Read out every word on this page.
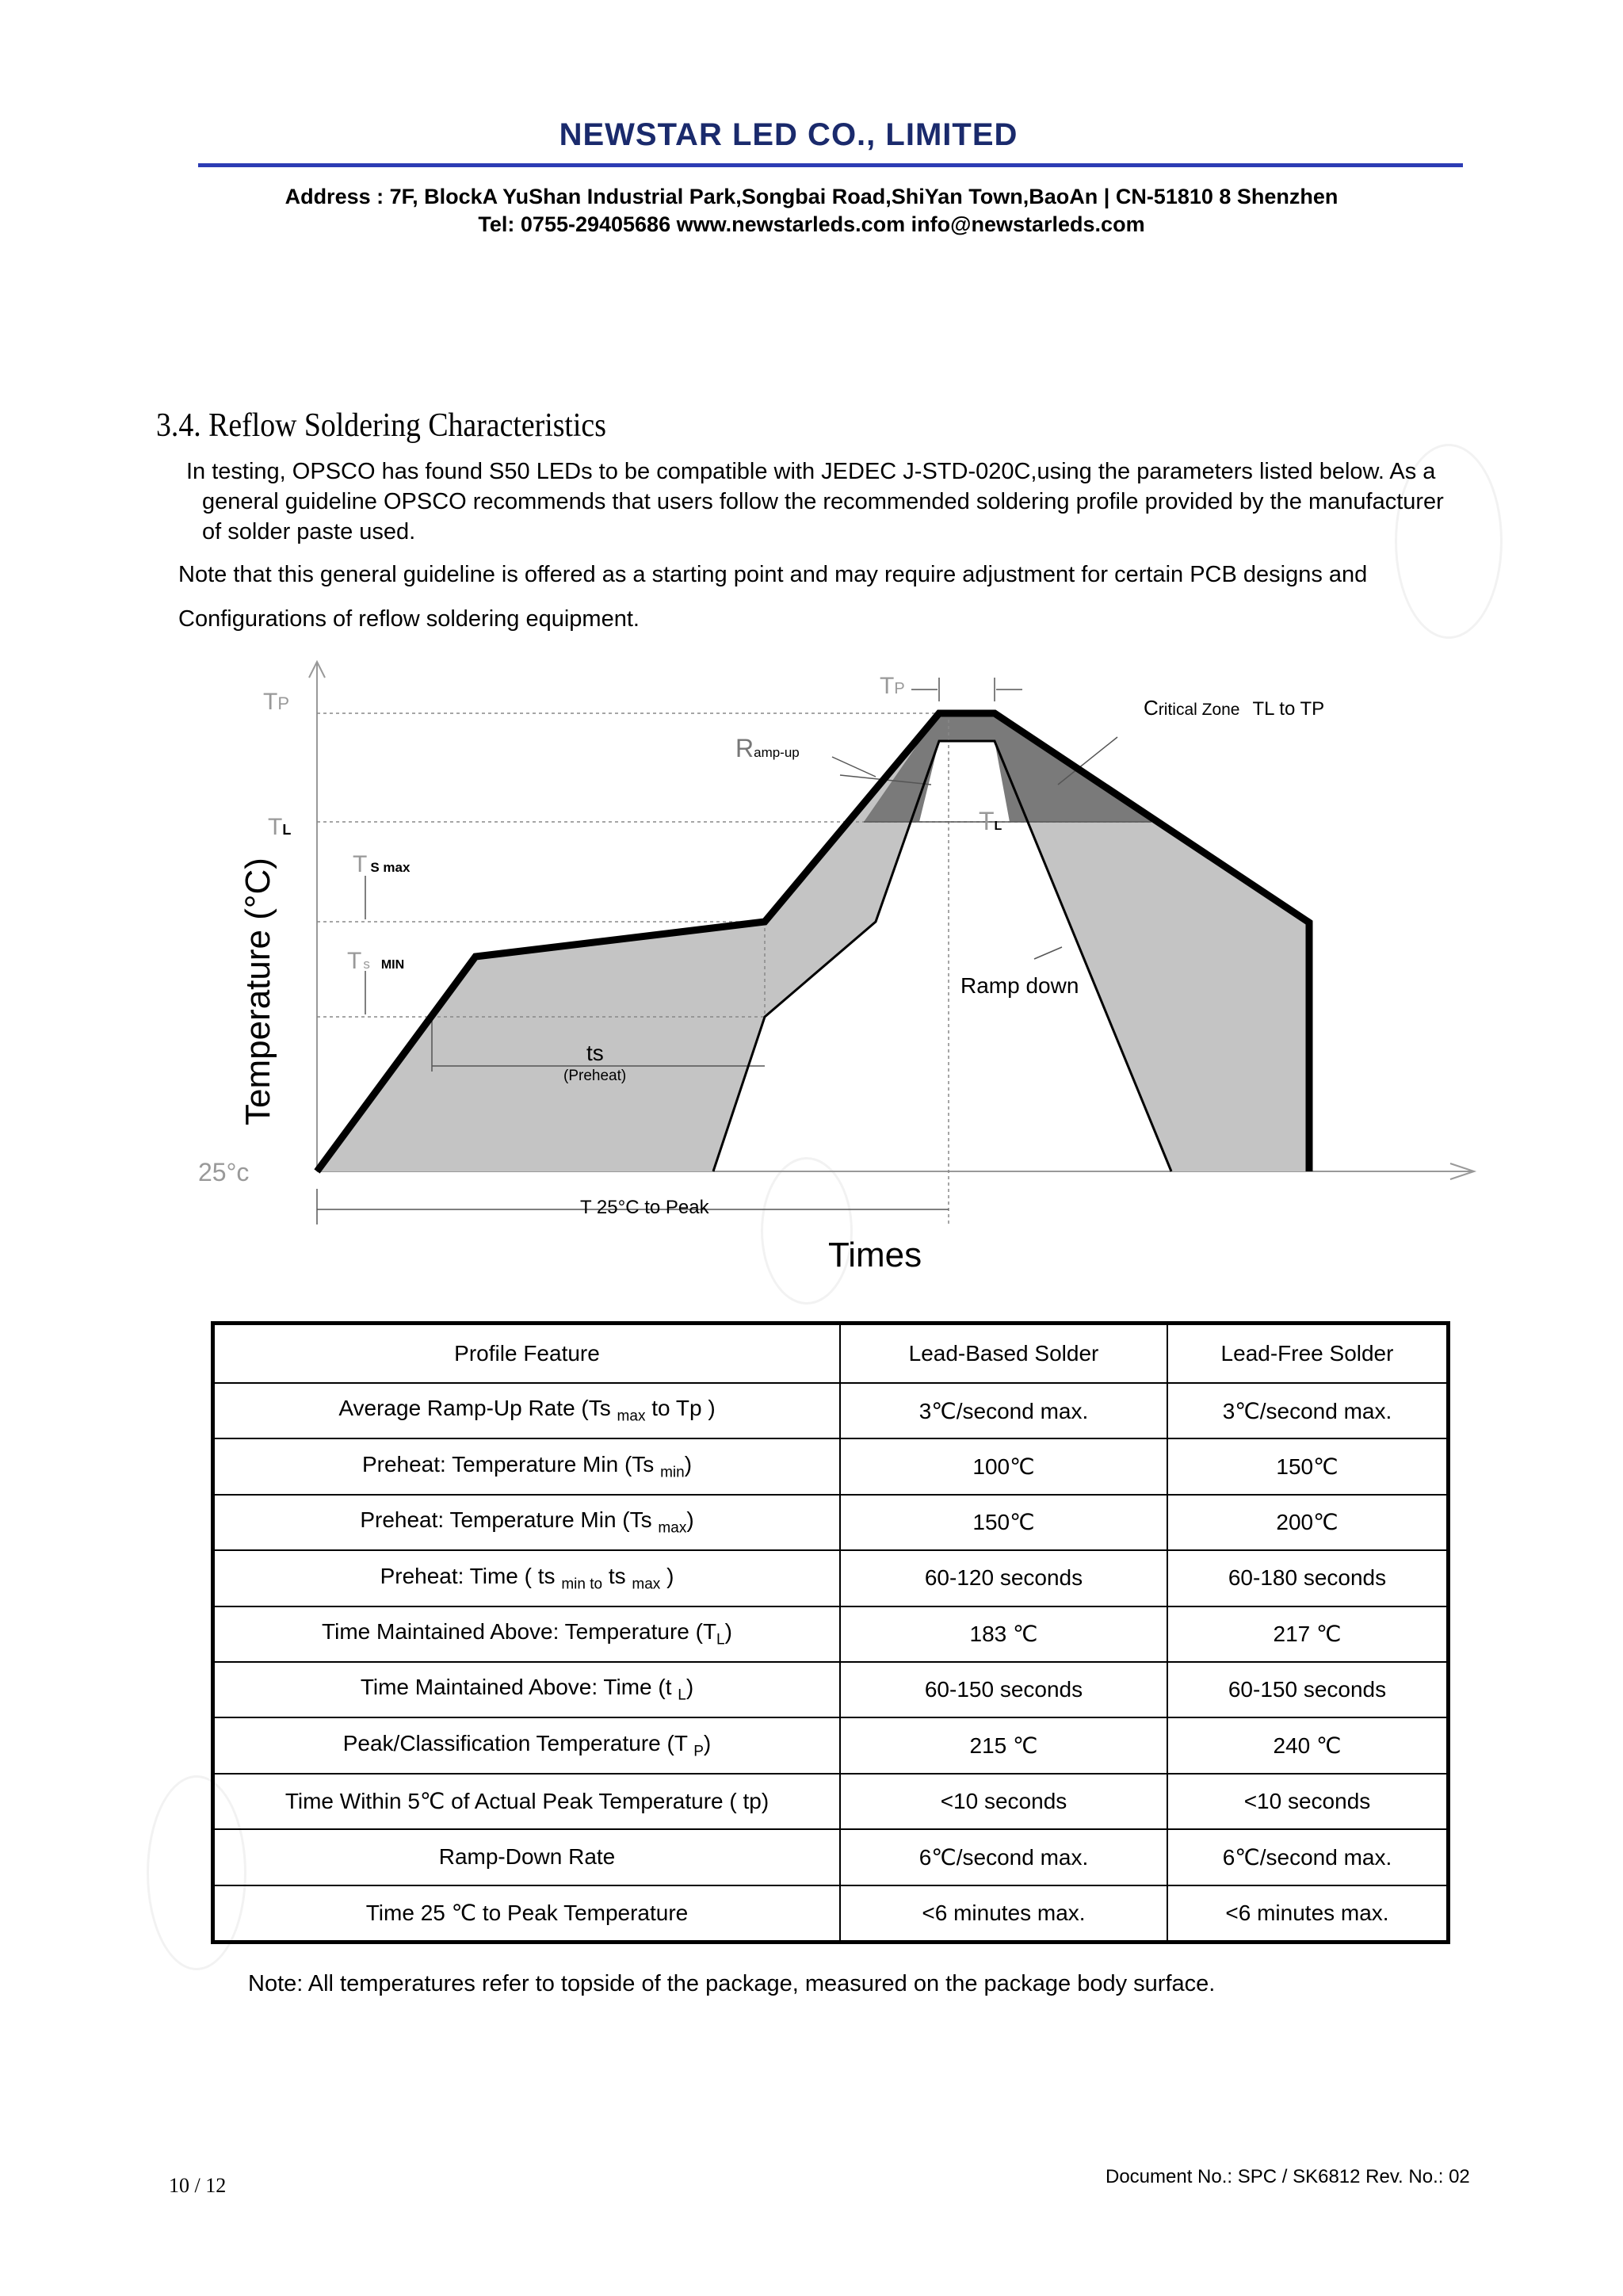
NEWSTAR LED CO., LIMITED
Address : 7F, BlockA YuShan Industrial Park,Songbai Road,ShiYan Town,BaoAn | CN-51810 8 Shenzhen
Tel: 0755-29405686 www.newstarleds.com info@newstarleds.com
3.4. Reflow Soldering Characteristics
In testing, OPSCO has found S50 LEDs to be compatible with JEDEC J-STD-020C,using the parameters listed below. As a
general guideline OPSCO recommends that users follow the recommended soldering profile provided by the manufacturer
of solder paste used.
Note that this general guideline is offered as a starting point and may require adjustment for certain PCB designs and
Configurations of reflow soldering equipment.
Temperature (°C)
Times
TP
TL
T S max
Ts MIN
25°c
TP
TL
Ramp-up
Critical Zone TL to TP
Ramp down
ts
(Preheat)
T 25°C to Peak
Profile Feature	Lead-Based Solder	Lead-Free Solder
Average Ramp-Up Rate (Ts $_{max}$ to Tp )	3℃/second max.	3℃/second max.
Preheat: Temperature Min (Ts $_{min}$)	100℃	150℃
Preheat: Temperature Min (Ts $_{max}$)	150℃	200℃
Preheat: Time ( ts $_{min to}$ ts $_{max}$ )	60-120 seconds	60-180 seconds
Time Maintained Above: Temperature $(T_L)$	183 ℃	217 ℃
Time Maintained Above: Time (t $_L$)	60-150 seconds	60-150 seconds
Peak/Classification Temperature (T $_P$)	215 ℃	240 ℃
Time Within 5℃ of Actual Peak Temperature ( tp)	<10 seconds	<10 seconds
Ramp-Down Rate	6℃/second max.	6℃/second max.
Time 25 ℃ to Peak Temperature	<6 minutes max.	<6 minutes max.
Note: All temperatures refer to topside of the package, measured on the package body surface.
10 / 12	Document No.: SPC / SK6812 Rev. No.: 02
